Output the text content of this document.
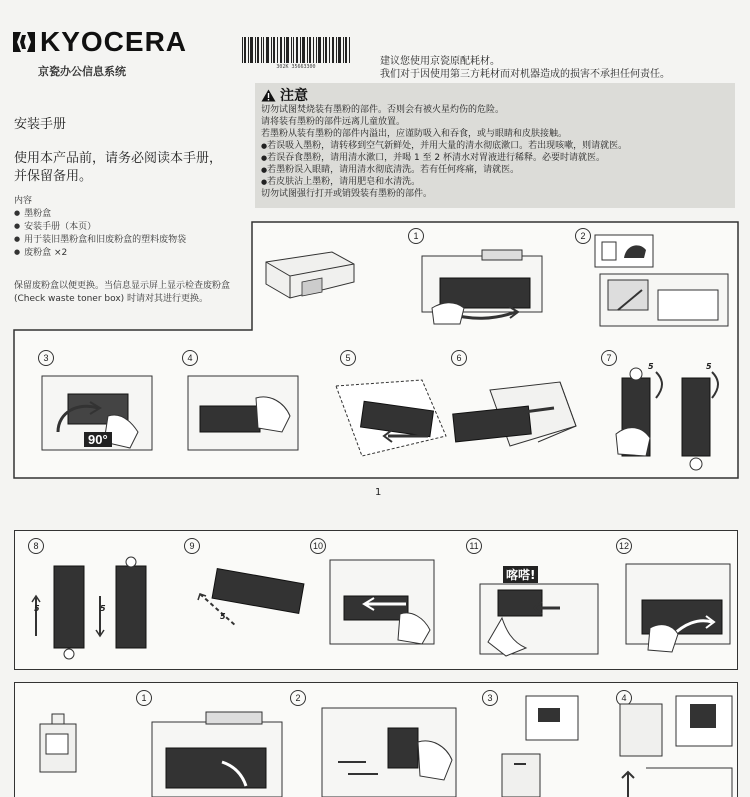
KYOCERA
京瓷办公信息系统	302K 35663300	建议您使用京瓷原配耗材。
我们对于因使用第三方耗材而对机器造成的损害不承担任何责任。
安装手册
使用本产品前，请务必阅读本手册，
并保留备用。
内容
● 墨粉盒
● 安装手册（本页）
● 用于装旧墨粉盒和旧废粉盒的塑料废物袋
● 废粉盒 ×2
保留废粉盒以便更换。当信息显示屏上显示检查废粉盒 (Check waste toner box) 时请对其进行更换。
注意
切勿试图焚烧装有墨粉的部件。否则会有被火星灼伤的危险。
请将装有墨粉的部件远离儿童放置。
若墨粉从装有墨粉的部件内溢出，应谨防吸入和吞食，或与眼睛和皮肤接触。
● 若误吸入墨粉，请转移到空气新鲜处，并用大量的清水彻底漱口。若出现咳嗽，则请就医。
● 若误吞食墨粉，请用清水漱口，并喝 1 至 2 杯清水对胃液进行稀释。必要时请就医。
● 若墨粉误入眼睛，请用清水彻底清洗。若有任何疼痛，请就医。
● 若皮肤沾上墨粉，请用肥皂和水清洗。
切勿试图强行打开或销毁装有墨粉的部件。
1	2
3
90°
4	5	6	7
5	5
1
8
5	5
9
5
10	11
喀嗒!
12
1	2	3	4
